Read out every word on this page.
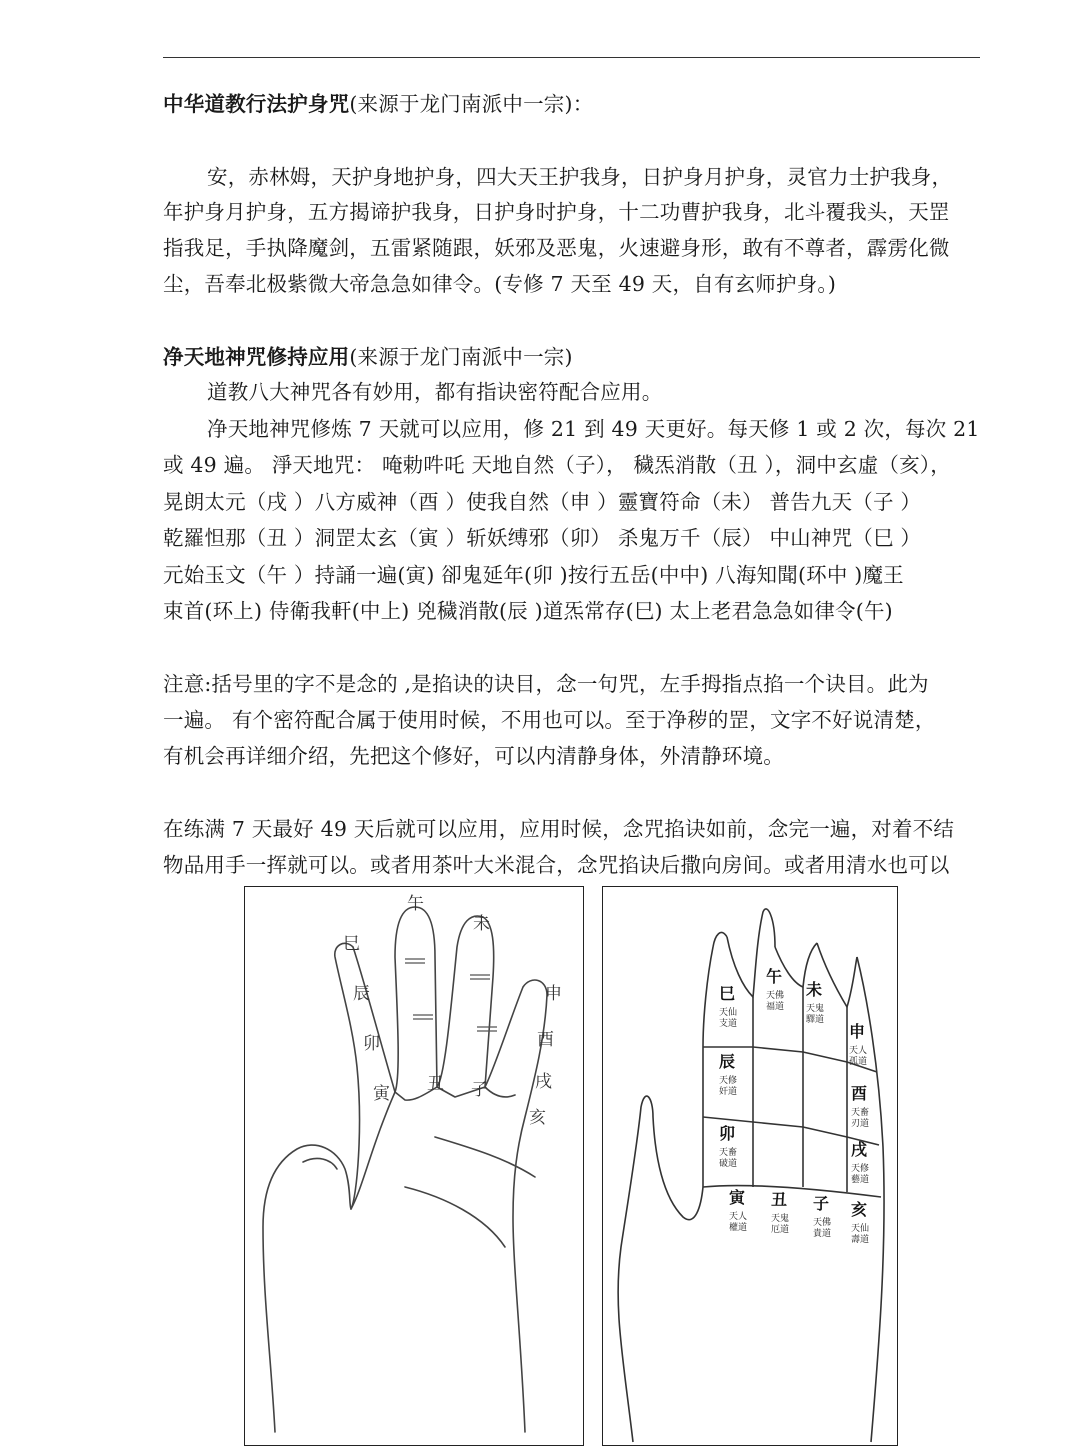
中华道教行法护身咒(来源于龙门南派中一宗)：
安，赤林姆，天护身地护身，四大天王护我身，日护身月护身，灵官力士护我身，
年护身月护身，五方揭谛护我身，日护身时护身，十二功曹护我身，北斗覆我头，天罡
指我足，手执降魔剑，五雷紧随跟，妖邪及恶鬼，火速避身形，敢有不尊者，霹雳化微
尘，吾奉北极紫微大帝急急如律令。(专修 7 天至 49 天，自有玄师护身。)
净天地神咒修持应用(来源于龙门南派中一宗)
道教八大神咒各有妙用，都有指诀密符配合应用。
净天地神咒修炼 7 天就可以应用，修 21 到 49 天更好。每天修 1 或 2 次，每次 21
或 49 遍。 淨天地咒： 唵勅吽吒 天地自然（子）， 穢炁消散（丑 ），洞中玄虛（亥），
晃朗太元（戌 ）八方威神（酉 ）使我自然（申 ）靈寶符命（未） 普告九天（子 ）
乾羅怛那（丑 ）洞罡太玄（寅 ）斩妖缚邪（卯） 杀鬼万千（辰） 中山神咒（巳 ）
元始玉文（午 ）持誦一遍(寅) 卻鬼延年(卯 )按行五岳(中中) 八海知聞(环中 )魔王
束首(环上) 侍衛我軒(中上) 兇穢消散(辰 )道炁常存(巳) 太上老君急急如律令(午)
注意:括号里的字不是念的 ,是掐诀的诀目，念一句咒，左手拇指点掐一个诀目。此为
一遍。 有个密符配合属于使用时候，不用也可以。至于净秽的罡，文字不好说清楚，
有机会再详细介绍，先把这个修好，可以内清静身体，外清静环境。
在练满 7 天最好 49 天后就可以应用，应用时候，念咒掐诀如前，念完一遍，对着不结
物品用手一挥就可以。或者用茶叶大米混合，念咒掐诀后撒向房间。或者用清水也可以
午
未
巳
申
辰
酉
卯
戌
寅 丑 子
亥
巳
天仙
支道
午
天佛
福道
未
天鬼
驛道
申
天人
孤道
辰
天修
奸道	酉
天畜
刃道
卯
天畜
破道
戌
天修
藝道
寅
天人
權道
丑
天鬼
厄道
子
天佛
貴道
亥
天仙
壽道
